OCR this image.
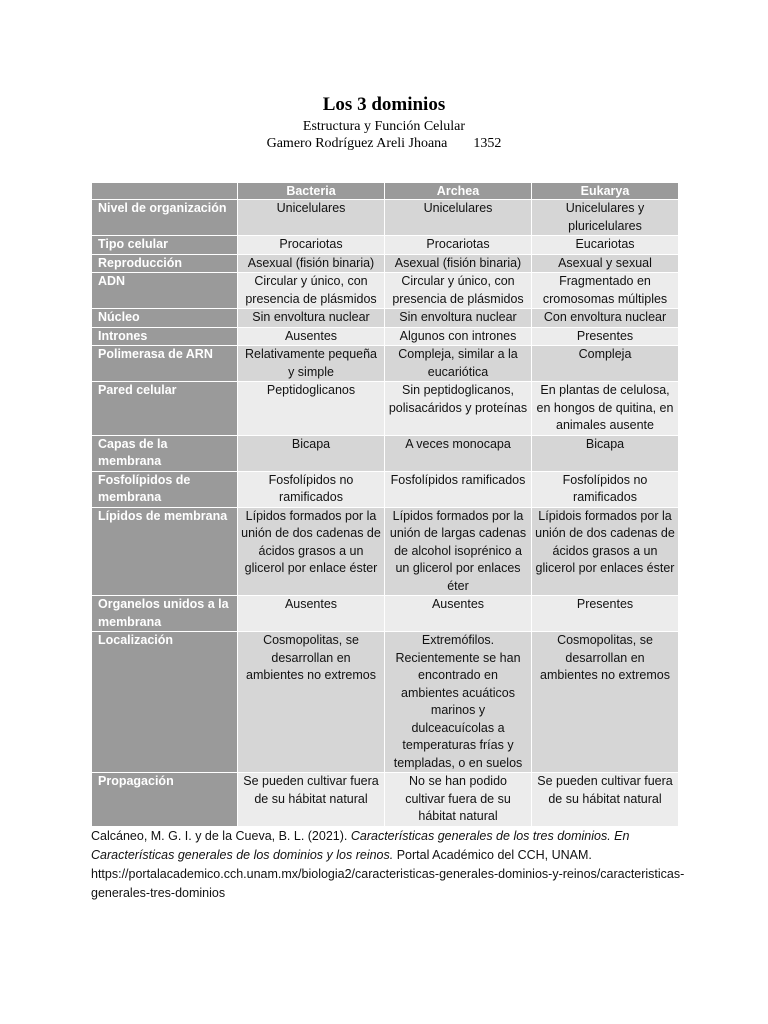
Los 3 dominios
Estructura y Función Celular
Gamero Rodríguez Areli Jhoana 1352
	Bacteria	Archea	Eukarya
Nivel de organización	Unicelulares	Unicelulares	Unicelulares y pluricelulares
Tipo celular	Procariotas	Procariotas	Eucariotas
Reproducción	Asexual (fisión binaria)	Asexual (fisión binaria)	Asexual y sexual
ADN	Circular y único, con presencia de plásmidos	Circular y único, con presencia de plásmidos	Fragmentado en cromosomas múltiples
Núcleo	Sin envoltura nuclear	Sin envoltura nuclear	Con envoltura nuclear
Intrones	Ausentes	Algunos con intrones	Presentes
Polimerasa de ARN	Relativamente pequeña y simple	Compleja, similar a la eucariótica	Compleja
Pared celular	Peptidoglicanos	Sin peptidoglicanos, polisacáridos y proteínas	En plantas de celulosa, en hongos de quitina, en animales ausente
Capas de la membrana	Bicapa	A veces monocapa	Bicapa
Fosfolípidos de membrana	Fosfolípidos no ramificados	Fosfolípidos ramificados	Fosfolípidos no ramificados
Lípidos de membrana	Lípidos formados por la unión de dos cadenas de ácidos grasos a un glicerol por enlace éster	Lípidos formados por la unión de largas cadenas de alcohol isoprénico a un glicerol por enlaces éter	Lípidois formados por la unión de dos cadenas de ácidos grasos a un glicerol por enlaces éster
Organelos unidos a la membrana	Ausentes	Ausentes	Presentes
Localización	Cosmopolitas, se desarrollan en ambientes no extremos	Extremófilos. Recientemente se han encontrado en ambientes acuáticos marinos y dulceacuícolas a temperaturas frías y templadas, o en suelos	Cosmopolitas, se desarrollan en ambientes no extremos
Propagación	Se pueden cultivar fuera de su hábitat natural	No se han podido cultivar fuera de su hábitat natural	Se pueden cultivar fuera de su hábitat natural
Calcáneo, M. G. I. y de la Cueva, B. L. (2021). Características generales de los tres dominios. En Características generales de los dominios y los reinos. Portal Académico del CCH, UNAM.
https://portalacademico.cch.unam.mx/biologia2/caracteristicas-generales-dominios-y-reinos/caracteristicas-generales-tres-dominios
